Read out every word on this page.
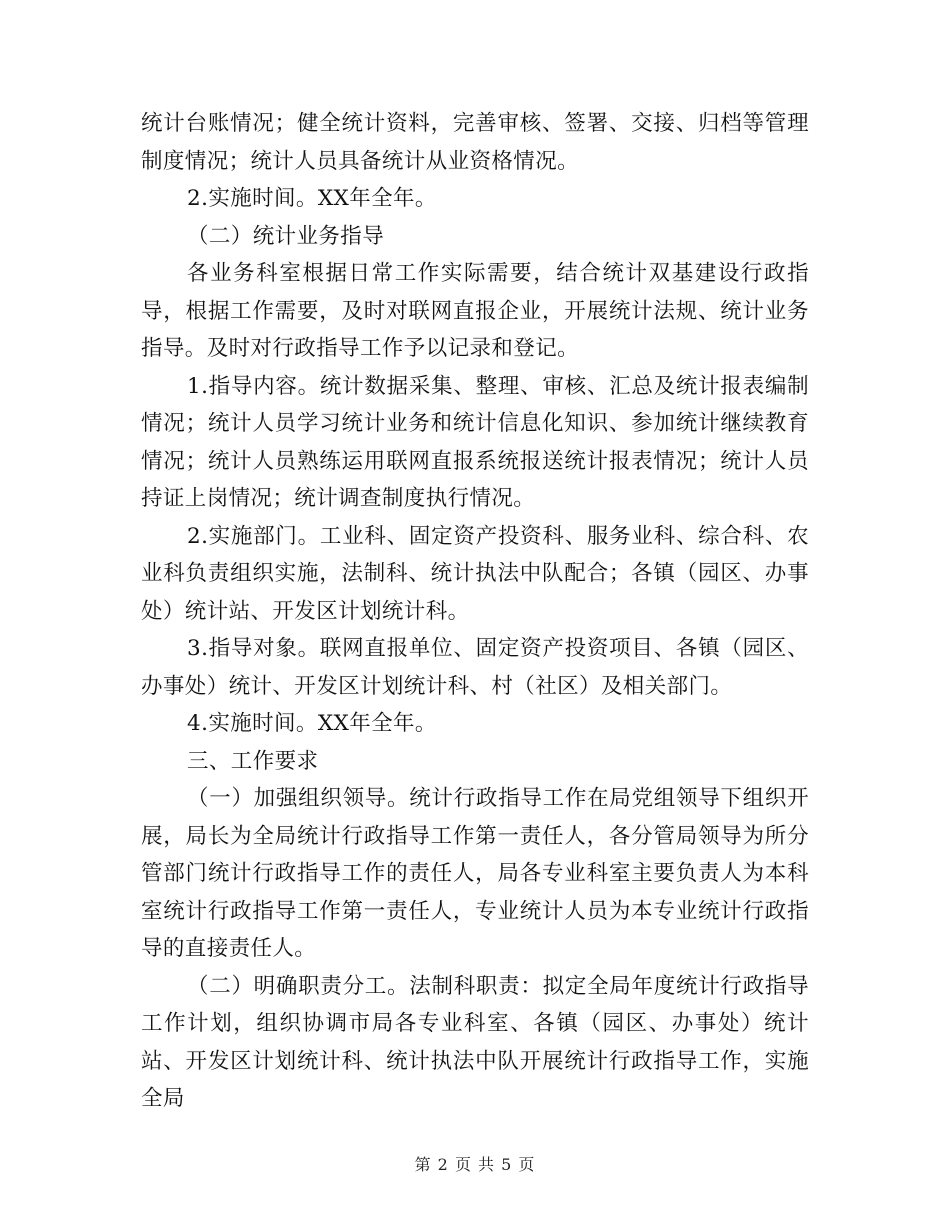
统计台账情况；健全统计资料，完善审核、签署、交接、归档等管理制度情况；统计人员具备统计从业资格情况。

2.实施时间。XX年全年。

（二）统计业务指导

各业务科室根据日常工作实际需要，结合统计双基建设行政指导，根据工作需要，及时对联网直报企业，开展统计法规、统计业务指导。及时对行政指导工作予以记录和登记。

1.指导内容。统计数据采集、整理、审核、汇总及统计报表编制情况；统计人员学习统计业务和统计信息化知识、参加统计继续教育情况；统计人员熟练运用联网直报系统报送统计报表情况；统计人员持证上岗情况；统计调查制度执行情况。

2.实施部门。工业科、固定资产投资科、服务业科、综合科、农业科负责组织实施，法制科、统计执法中队配合；各镇（园区、办事处）统计站、开发区计划统计科。

3.指导对象。联网直报单位、固定资产投资项目、各镇（园区、办事处）统计、开发区计划统计科、村（社区）及相关部门。

4.实施时间。XX年全年。

三、工作要求

（一）加强组织领导。统计行政指导工作在局党组领导下组织开展，局长为全局统计行政指导工作第一责任人，各分管局领导为所分管部门统计行政指导工作的责任人，局各专业科室主要负责人为本科室统计行政指导工作第一责任人，专业统计人员为本专业统计行政指导的直接责任人。

（二）明确职责分工。法制科职责：拟定全局年度统计行政指导工作计划，组织协调市局各专业科室、各镇（园区、办事处）统计站、开发区计划统计科、统计执法中队开展统计行政指导工作，实施全局

第 2 页 共 5 页
